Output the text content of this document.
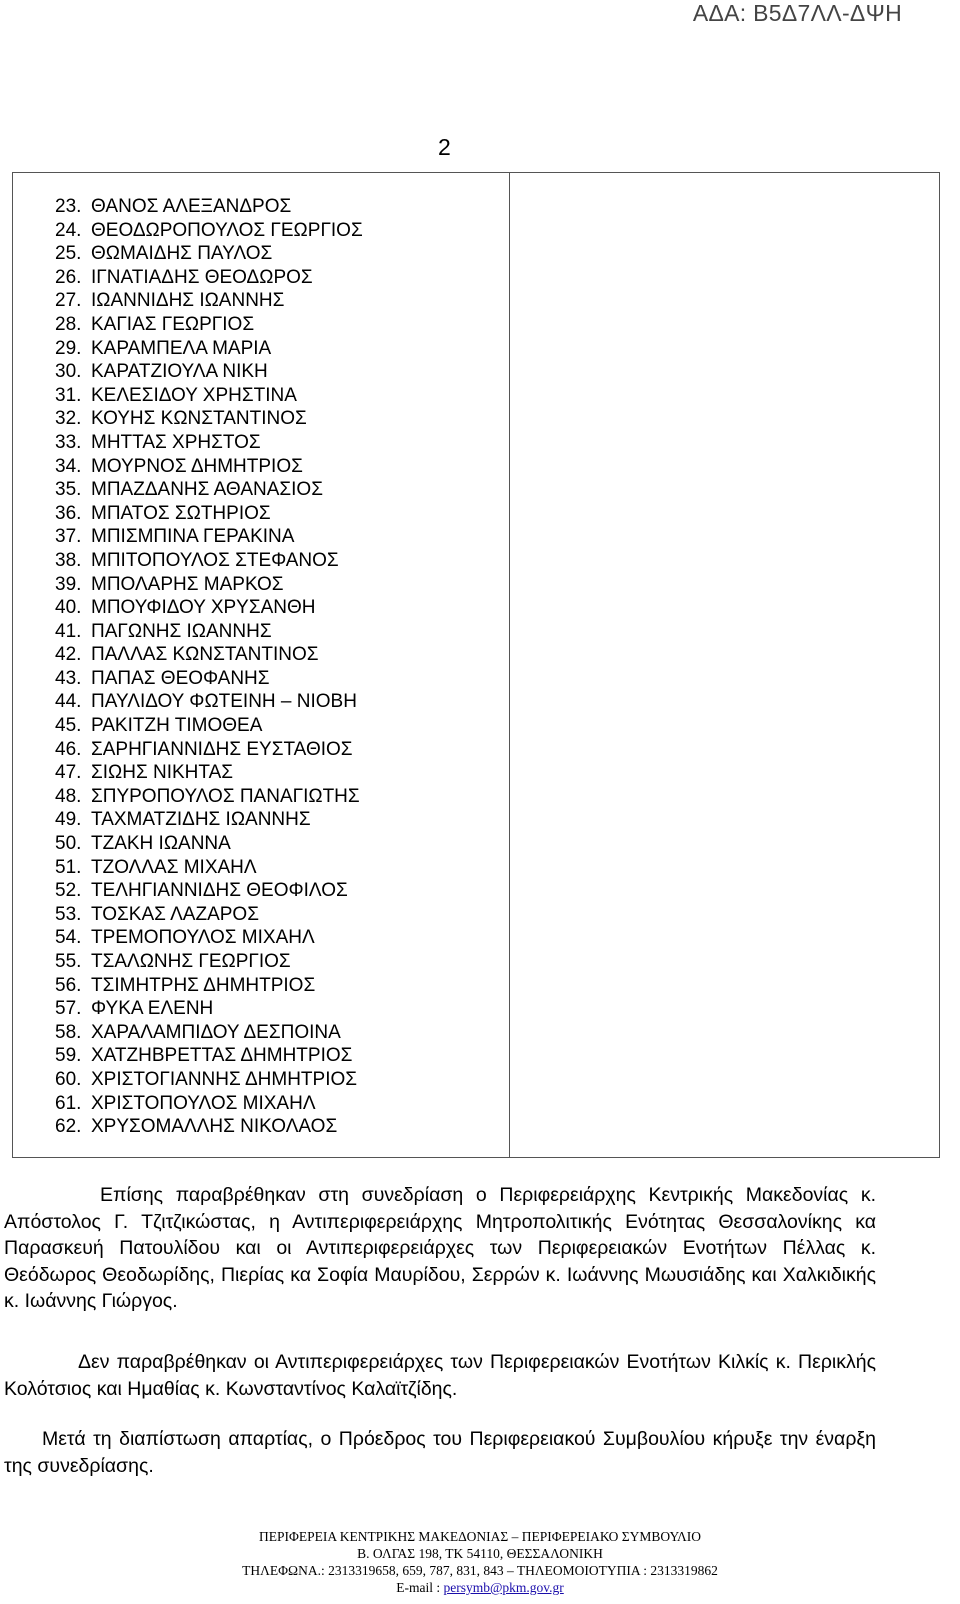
ΑΔΑ: Β5Δ7ΛΛ-ΔΨΗ
2
23. ΘΑΝΟΣ ΑΛΕΞΑΝΔΡΟΣ
24. ΘΕΟΔΩΡΟΠΟΥΛΟΣ ΓΕΩΡΓΙΟΣ
25. ΘΩΜΑΙΔΗΣ ΠΑΥΛΟΣ
26. ΙΓΝΑΤΙΑΔΗΣ ΘΕΟΔΩΡΟΣ
27. ΙΩΑΝΝΙΔΗΣ ΙΩΑΝΝΗΣ
28. ΚΑΓΙΑΣ ΓΕΩΡΓΙΟΣ
29. ΚΑΡΑΜΠΕΛΑ ΜΑΡΙΑ
30. ΚΑΡΑΤΖΙΟΥΛΑ ΝΙΚΗ
31. ΚΕΛΕΣΙΔΟΥ ΧΡΗΣΤΙΝΑ
32. ΚΟΥΗΣ ΚΩΝΣΤΑΝΤΙΝΟΣ
33. ΜΗΤΤΑΣ ΧΡΗΣΤΟΣ
34. ΜΟΥΡΝΟΣ ΔΗΜΗΤΡΙΟΣ
35. ΜΠΑΖΔΑΝΗΣ ΑΘΑΝΑΣΙΟΣ
36. ΜΠΑΤΟΣ ΣΩΤΗΡΙΟΣ
37. ΜΠΙΣΜΠΙΝΑ ΓΕΡΑΚΙΝΑ
38. ΜΠΙΤΟΠΟΥΛΟΣ ΣΤΕΦΑΝΟΣ
39. ΜΠΟΛΑΡΗΣ ΜΑΡΚΟΣ
40. ΜΠΟΥΦΙΔΟΥ ΧΡΥΣΑΝΘΗ
41. ΠΑΓΩΝΗΣ ΙΩΑΝΝΗΣ
42. ΠΑΛΛΑΣ ΚΩΝΣΤΑΝΤΙΝΟΣ
43. ΠΑΠΑΣ ΘΕΟΦΑΝΗΣ
44. ΠΑΥΛΙΔΟΥ ΦΩΤΕΙΝΗ – ΝΙΟΒΗ
45. ΡΑΚΙΤΖΗ ΤΙΜΟΘΕΑ
46. ΣΑΡΗΓΙΑΝΝΙΔΗΣ ΕΥΣΤΑΘΙΟΣ
47. ΣΙΩΗΣ ΝΙΚΗΤΑΣ
48. ΣΠΥΡΟΠΟΥΛΟΣ ΠΑΝΑΓΙΩΤΗΣ
49. ΤΑΧΜΑΤΖΙΔΗΣ ΙΩΑΝΝΗΣ
50. ΤΖΑΚΗ ΙΩΑΝΝΑ
51. ΤΖΟΛΛΑΣ ΜΙΧΑΗΛ
52. ΤΕΛΗΓΙΑΝΝΙΔΗΣ ΘΕΟΦΙΛΟΣ
53. ΤΟΣΚΑΣ ΛΑΖΑΡΟΣ
54. ΤΡΕΜΟΠΟΥΛΟΣ ΜΙΧΑΗΛ
55. ΤΣΑΛΩΝΗΣ ΓΕΩΡΓΙΟΣ
56. ΤΣΙΜΗΤΡΗΣ ΔΗΜΗΤΡΙΟΣ
57. ΦΥΚΑ ΕΛΕΝΗ
58. ΧΑΡΑΛΑΜΠΙΔΟΥ ΔΕΣΠΟΙΝΑ
59. ΧΑΤΖΗΒΡΕΤΤΑΣ ΔΗΜΗΤΡΙΟΣ
60. ΧΡΙΣΤΟΓΙΑΝΝΗΣ ΔΗΜΗΤΡΙΟΣ
61. ΧΡΙΣΤΟΠΟΥΛΟΣ ΜΙΧΑΗΛ
62. ΧΡΥΣΟΜΑΛΛΗΣ ΝΙΚΟΛΑΟΣ

Επίσης παραβρέθηκαν στη συνεδρίαση ο Περιφερειάρχης Κεντρικής Μακεδονίας κ. Απόστολος Γ. Τζιτζικώστας, η Αντιπεριφερειάρχης Μητροπολιτικής Ενότητας Θεσσαλονίκης κα Παρασκευή Πατουλίδου και οι Αντιπεριφερειάρχες των Περιφερειακών Ενοτήτων Πέλλας κ. Θεόδωρος Θεοδωρίδης, Πιερίας κα Σοφία Μαυρίδου, Σερρών κ. Ιωάννης Μωυσιάδης και Χαλκιδικής κ. Ιωάννης Γιώργος.

Δεν παραβρέθηκαν οι Αντιπεριφερειάρχες των Περιφερειακών Ενοτήτων Κιλκίς κ. Περικλής Κολότσιος και Ημαθίας κ. Κωνσταντίνος Καλαϊτζίδης.

Μετά τη διαπίστωση απαρτίας, ο Πρόεδρος του Περιφερειακού Συμβουλίου κήρυξε την έναρξη της συνεδρίασης.

ΠΕΡΙΦΕΡΕΙΑ ΚΕΝΤΡΙΚΗΣ ΜΑΚΕΔΟΝΙΑΣ – ΠΕΡΙΦΕΡΕΙΑΚΟ ΣΥΜΒΟΥΛΙΟ
Β. ΟΛΓΑΣ 198, ΤΚ 54110, ΘΕΣΣΑΛΟΝΙΚΗ
ΤΗΛΕΦΩΝΑ.: 2313319658, 659, 787, 831, 843 – ΤΗΛΕΟΜΟΙΟΤΥΠΙΑ : 2313319862
E-mail : persymb@pkm.gov.gr
